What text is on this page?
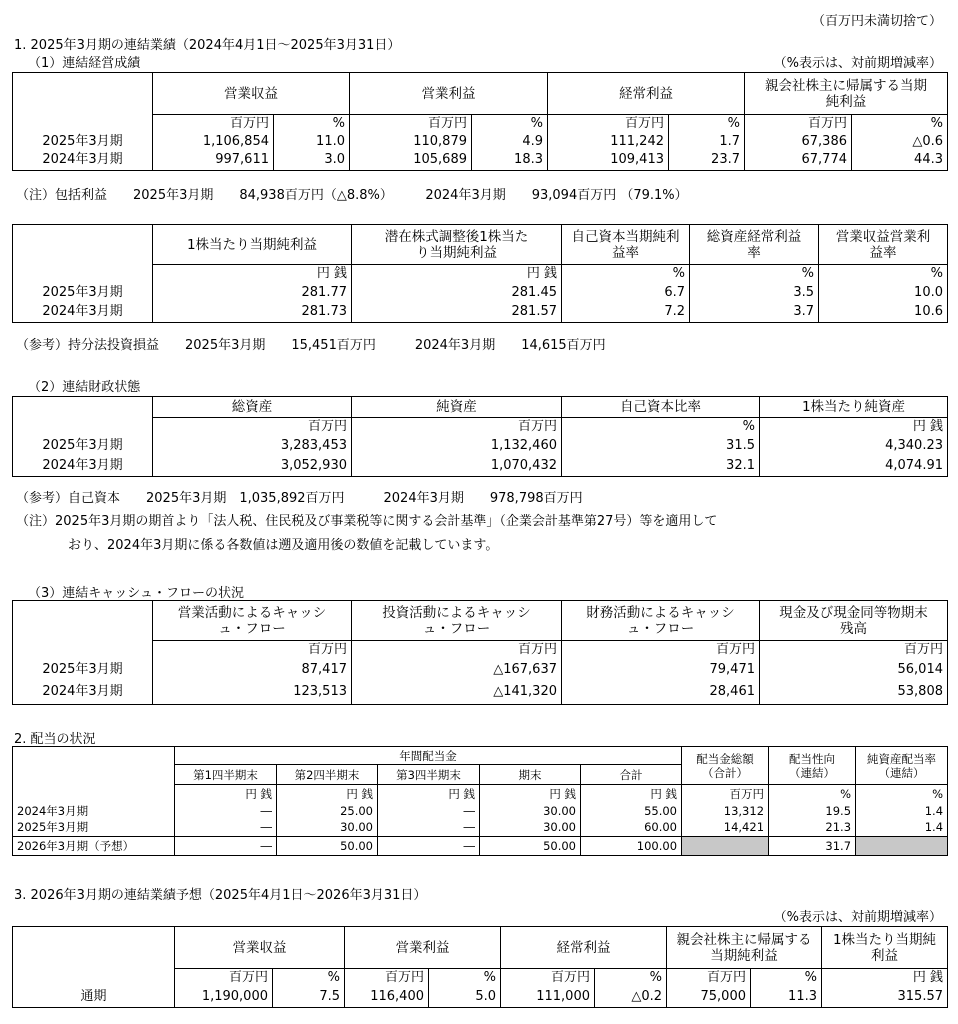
（百万円未満切捨て）
1. 2025年3月期の連結業績（2024年4月1日～2025年3月31日）
（1）連結経営成績	（%表示は、対前期増減率）
	営業収益		営業利益		経常利益		親会社株主に帰属する当期純利益	
	百万円	%	百万円	%	百万円	%	百万円	%
2025年3月期	1,106,854	11.0	110,879	4.9	111,242	1.7	67,386	△0.6
2024年3月期	997,611	3.0	105,689	18.3	109,413	23.7	67,774	44.3
（注）包括利益　　2025年3月期　　84,938百万円（△8.8%）　　　2024年3月期　　93,094百万円 （79.1%）
	1株当たり当期純利益	潜在株式調整後1株当たり当期純利益	自己資本当期純利益率	総資産経常利益率	営業収益営業利益率
	円 銭	円 銭	%	%	%
2025年3月期	281.77	281.45	6.7	3.5	10.0
2024年3月期	281.73	281.57	7.2	3.7	10.6
（参考）持分法投資損益　　2025年3月期　　15,451百万円　　　2024年3月期　　14,615百万円
（2）連結財政状態
	総資産	純資産	自己資本比率	1株当たり純資産
	百万円	百万円	%	円 銭
2025年3月期	3,283,453	1,132,460	31.5	4,340.23
2024年3月期	3,052,930	1,070,432	32.1	4,074.91
（参考）自己資本　　2025年3月期　1,035,892百万円　　　2024年3月期　　978,798百万円
（注）2025年3月期の期首より「法人税、住民税及び事業税等に関する会計基準」（企業会計基準第27号）等を適用して
おり、2024年3月期に係る各数値は遡及適用後の数値を記載しています。
（3）連結キャッシュ・フローの状況
	営業活動によるキャッシュ・フロー	投資活動によるキャッシュ・フロー	財務活動によるキャッシュ・フロー	現金及び現金同等物期末残高
	百万円	百万円	百万円	百万円
2025年3月期	87,417	△167,637	79,471	56,014
2024年3月期	123,513	△141,320	28,461	53,808
2. 配当の状況
	年間配当金					配当金総額（合計）	配当性向（連結）	純資産配当率（連結）
	第1四半期末	第2四半期末	第3四半期末	期末	合計			
	円 銭	円 銭	円 銭	円 銭	円 銭	百万円	%	%
2024年3月期	―	25.00	―	30.00	55.00	13,312	19.5	1.4
2025年3月期	―	30.00	―	30.00	60.00	14,421	21.3	1.4
2026年3月期（予想）	―	50.00	―	50.00	100.00		31.7	
3. 2026年3月期の連結業績予想（2025年4月1日～2026年3月31日）
（%表示は、対前期増減率）
	営業収益		営業利益		経常利益		親会社株主に帰属する当期純利益		1株当たり当期純利益
	百万円	%	百万円	%	百万円	%	百万円	%	円 銭
通期	1,190,000	7.5	116,400	5.0	111,000	△0.2	75,000	11.3	315.57
